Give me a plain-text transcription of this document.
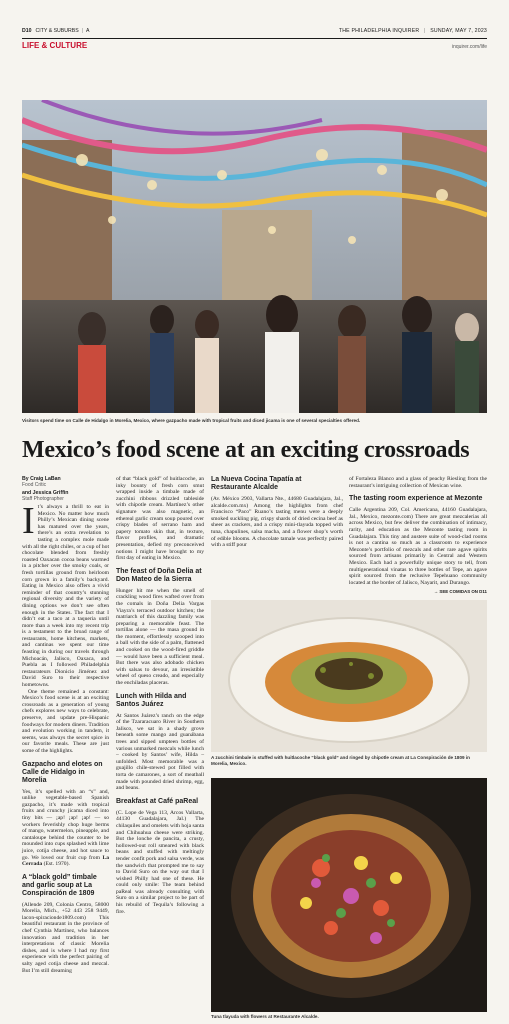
D10 CITY & SUBURBS | A	THE PHILADELPHIA INQUIRER | SUNDAY, MAY 7, 2023
LIFE & CULTURE	inquirer.com/life
Visitors spend time on Calle de Hidalgo in Morelia, Mexico, where gazpacho made with tropical fruits and diced jicama is one of several specialties offered.
Mexico’s food scene at an exciting crossroads
By Craig LaBan
Food Critic
and Jessica Griffin
Staff Photographer

It’s always a thrill to eat in Mexico. No matter how much Philly’s Mexican dining scene has matured over the years, there’s an extra revelation to tasting a complex mole made with all the right chiles, or a cup of hot chocolate blended from freshly roasted Oaxacan cocoa beans warmed in a pitcher over the smoky coals, or fresh tortillas ground from heirloom corn grown in a family’s backyard. Eating in Mexico also offers a vivid reminder of that country’s stunning regional diversity and the variety of dining options we don’t see often enough in the States. The fact that I didn’t eat a taco at a taqueria until more than a week into my recent trip is a testament to the broad range of restaurants, home kitchens, markets, and cantinas we spent our time feasting in during our travels through Michoacán, Jalisco, Oaxaca, and Puebla as I followed Philadelphia restaurateurs Dionicio Jiménez and David Suro to their respective hometowns.

One theme remained a constant: Mexico’s food scene is at an exciting crossroads as a generation of young chefs explores new ways to celebrate, preserve, and update pre-Hispanic foodways for modern diners. Tradition and evolution working in tandem, it seems, was always the secret spice in our favorite meals. These are just some of the highlights.

Gazpacho and elotes on Calle de Hidalgo in Morelia

Yes, it’s spelled with an “s” and, unlike vegetable-based Spanish gazpacho, it’s made with tropical fruits and crunchy jicama diced into tiny bits — ¡ap! ¡ap! ¡ap! — so workers feverishly chop huge berms of mango, watermelon, pineapple, and cantaloupe behind the counter to be mounded into cups splashed with lime juice, cotija cheese, and hot sauce to go. We loved our fruit cup from La Cerrada (Est. 1970).

A “black gold” timbale and garlic soup at La Conspiración de 1809

(Allende 209, Colonia Centro, 58000 Morelia, Mich., +52 443 258 9449, lacon-spiracionde1809.com) This beautiful restaurant in the province of chef Cynthia Martínez, who balances innovation and tradition in her interpretations of classic Morelia dishes, and is where I had my first experience with the perfect pairing of salty aged cotija cheese and mezcal. But I’m still dreaming

of that “black gold” of huitlacoche, an inky bounty of fresh corn smut wrapped inside a timbale made of zucchini ribbons drizzled tableside with chipotle cream. Martínez’s other signature was also magnetic, an ethereal garlic cream soup poured over crispy blades of serrano ham and papery tomato skin that, in texture, flavor profiles, and dramatic presentation, defied my preconceived notions I might have brought to my first day of eating in Mexico.

The feast of Doña Delia at Don Mateo de la Sierra

Hunger hit me when the smell of crackling wood fires wafted over from the comals in Doña Delia Vargas Viayra’s terraced outdoor kitchen; the matriarch of this dazzling family was preparing a memorable feast. The tortillas alone — the masa ground in the moment, effortlessly scooped into a ball with the side of a palm, flattened and cooked on the wood-fired griddle — would have been a sufficient meal. But there was also adobado chicken with salsas to devour, an irresistible wheel of queso creado, and especially the enchiladas placeras.

Lunch with Hilda and Santos Juárez

At Santos Juárez’s ranch on the edge of the Tzararacuaro River in Southern Jalisco, we sat in a shady grove beneath some mango and guanábana trees and sipped umpteen bottles of various unmarked mezcals while lunch – cooked by Santos’ wife, Hilda – unfolded. Most memorable was a guajillo chile-stewed pot filled with torta de camarones, a sort of meatball made with pounded dried shrimp, egg, and beans.

Breakfast at Café paReal

(C. Lope de Vega 113, Arcos Vallarta, 44130 Guadalajara, Jal.) The chilaquiles and omelets with hoja santa and Chihuahua cheese were striking. But the lonche de pancita, a crusty, hollowed-out roll smeared with black beans and stuffed with meltingly tender confit pork and salsa verde, was the sandwich that prompted me to say to David Suro on the way out that I wished Philly had one of these. He could only smile: The team behind paReal was already consulting with Suro on a similar project to be part of his rebuild of Tequila’s following a fire.

La Nueva Cocina Tapatía at Restaurante Alcalde

(Av. México 2903, Vallarta Nte., 44680 Guadalajara, Jal., alcalde.com.mx) Among the highlights from chef Francisco “Paco” Ruano’s tasting menu were a deeply smoked suckling pig, crispy shards of dried cecina beef as sheer as crackers, and a crispy mini-tlayuda topped with tuna, chapulines, salsa macha, and a flower shop’s worth of edible blooms. A chocolate tamale was perfectly paired with a stiff pour

of Fortaleza Blanco and a glass of peachy Riesling from the restaurant’s intriguing collection of Mexican wine.

The tasting room experience at Mezonte

Calle Argentina 209, Col. Americana, 44160 Guadalajara, Jal., Mexico, mezonte.com) There are great mezcalerias all across Mexico, but few deliver the combination of intimacy, rarity, and education as the Mezonte tasting room in Guadalajara. This tiny and austere suite of wood-clad rooms is not a cantina so much as a classroom to experience Mezonte’s portfolio of mezcals and other rare agave spirits sourced from artisans primarily in Central and Western Mexico. Each had a powerfully unique story to tell, from multigenerational vinatas to three bottles of Tepe, an agave spirit sourced from the reclusive Tepehuano community located at the border of Jalisco, Nayarit, and Durango.

→ SEE COMIDAS ON D11
A zucchini timbale is stuffed with huitlacoche “black gold” and ringed by chipotle cream at La Conspiración de 1809 in Morelia, Mexico.
Tuna tlayuda with flowers at Restaurante Alcalde.
